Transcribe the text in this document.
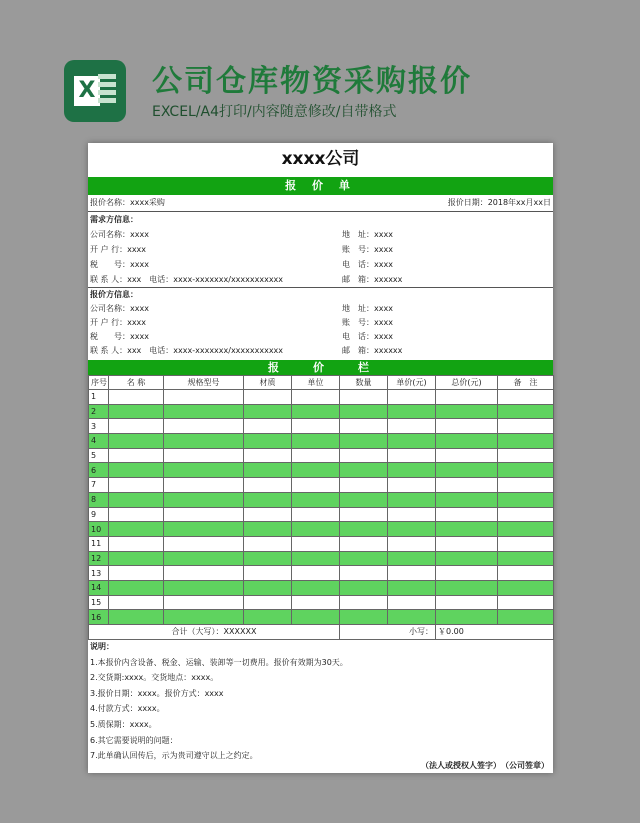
X 公司仓库物资采购报价
EXCEL/A4打印/内容随意修改/自带格式
xxxx公司
报 价 单
报价名称：xxxx采购	报价日期：2018年xx月xx日
需求方信息：
公司名称：xxxx	地　址：xxxx
开 户 行：xxxx	账　号：xxxx
税　　号：xxxx	电　话：xxxx
联 系 人：xxx　电话：xxxx-xxxxxxx/xxxxxxxxxxx	邮　箱：xxxxxx
报价方信息：
公司名称：xxxx	地　址：xxxx
开 户 行：xxxx	账　号：xxxx
税　　号：xxxx	电　话：xxxx
联 系 人：xxx　电话：xxxx-xxxxxxx/xxxxxxxxxxx	邮　箱：xxxxxx
报　　价　　栏
序号	名 称	规格型号	材质	单位	数量	单价(元)	总价(元)	备　注
1								
2								
3								
4								
5								
6								
7								
8								
9								
10								
11								
12								
13								
14								
15								
16								
合计（大写）：XXXXXX					小写：		￥0.00	
说明：
1.本报价内含设备、税金、运输、装卸等一切费用。报价有效期为30天。
2.交货期:xxxx。交货地点：xxxx。
3.报价日期：xxxx。报价方式：xxxx
4.付款方式：xxxx。
5.质保期：xxxx。
6.其它需要说明的问题：
7.此单确认回传后，示为贵司遵守以上之约定。
（法人或授权人签字）　（公司签章）
